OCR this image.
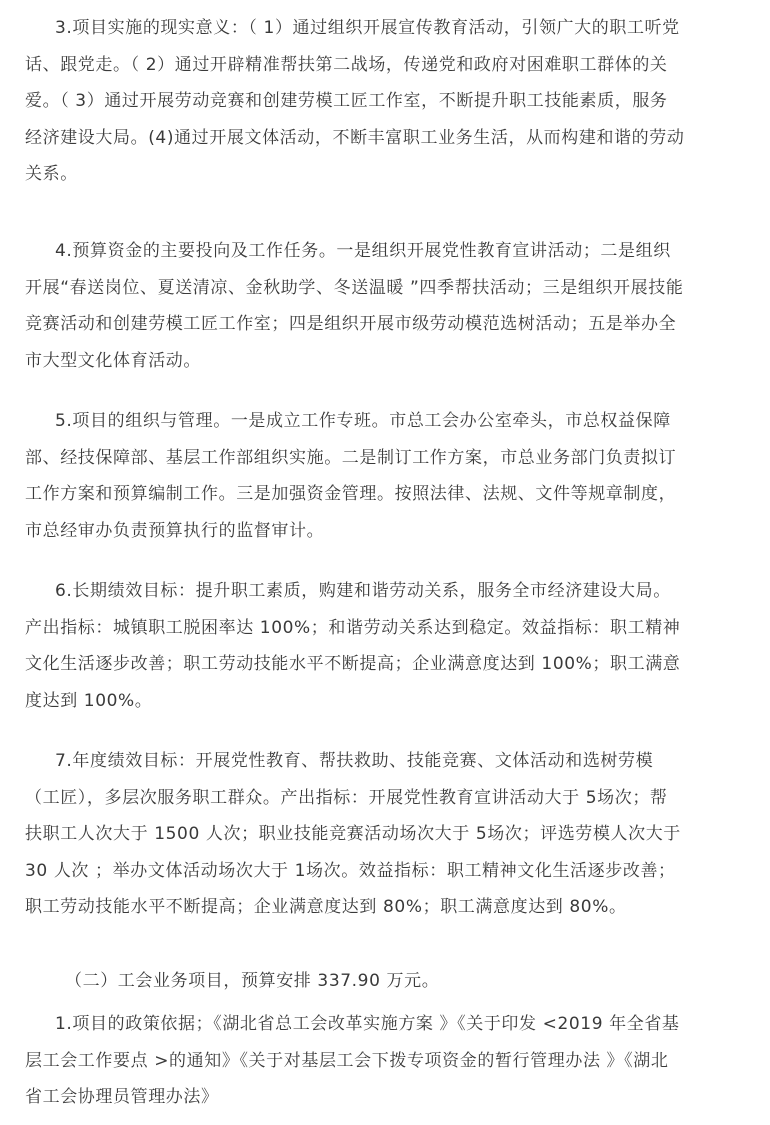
3.项目实施的现实意义：（ 1）通过组织开展宣传教育活动，引领广大的职工听党
话、跟党走。（ 2）通过开辟精准帮扶第二战场，传递党和政府对困难职工群体的关
爱。（ 3）通过开展劳动竞赛和创建劳模工匠工作室，不断提升职工技能素质，服务
经济建设大局。(4)通过开展文体活动，不断丰富职工业务生活，从而构建和谐的劳动
关系。
4.预算资金的主要投向及工作任务。一是组织开展党性教育宣讲活动；二是组织
开展“春送岗位、夏送清凉、金秋助学、冬送温暖 ”四季帮扶活动；三是组织开展技能
竞赛活动和创建劳模工匠工作室；四是组织开展市级劳动模范选树活动；五是举办全
市大型文化体育活动。
5.项目的组织与管理。一是成立工作专班。市总工会办公室牵头，市总权益保障
部、经技保障部、基层工作部组织实施。二是制订工作方案，市总业务部门负责拟订
工作方案和预算编制工作。三是加强资金管理。按照法律、法规、文件等规章制度，
市总经审办负责预算执行的监督审计。
6.长期绩效目标：提升职工素质，购建和谐劳动关系，服务全市经济建设大局。
产出指标：城镇职工脱困率达 100%；和谐劳动关系达到稳定。效益指标：职工精神
文化生活逐步改善；职工劳动技能水平不断提高；企业满意度达到 100%；职工满意
度达到 100%。
7.年度绩效目标：开展党性教育、帮扶救助、技能竞赛、文体活动和选树劳模
（工匠），多层次服务职工群众。产出指标：开展党性教育宣讲活动大于 5场次；帮
扶职工人次大于 1500 人次；职业技能竞赛活动场次大于 5场次；评选劳模人次大于
30 人次 ；举办文体活动场次大于 1场次。效益指标：职工精神文化生活逐步改善；
职工劳动技能水平不断提高；企业满意度达到 80%；职工满意度达到 80%。
（二）工会业务项目，预算安排 337.90 万元。
1.项目的政策依据；《湖北省总工会改革实施方案 》《关于印发 <2019 年全省基
层工会工作要点 >的通知》《关于对基层工会下拨专项资金的暂行管理办法 》《湖北
省工会协理员管理办法》
